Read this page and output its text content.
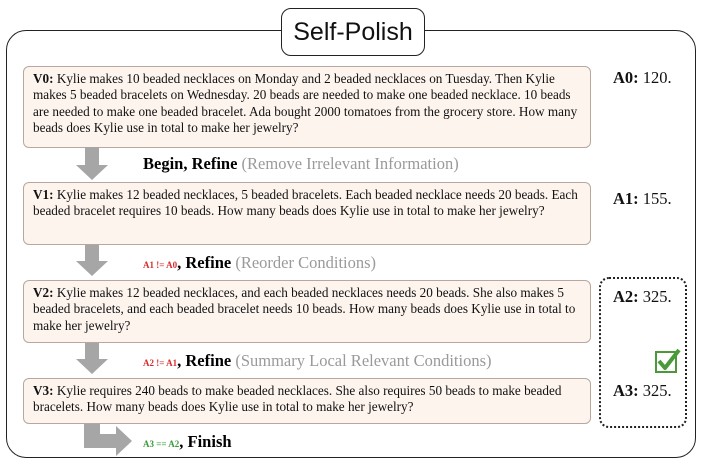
Self-Polish
V0: Kylie makes 10 beaded necklaces on Monday and 2 beaded necklaces on Tuesday. Then Kylie makes 5 beaded bracelets on Wednesday. 20 beads are needed to make one beaded necklace. 10 beads are needed to make one beaded bracelet. Ada bought 2000 tomatoes from the grocery store. How many beads does Kylie use in total to make her jewelry?
A0: 120.
Begin, Refine (Remove Irrelevant Information)
V1: Kylie makes 12 beaded necklaces, 5 beaded bracelets. Each beaded necklace needs 20 beads. Each beaded bracelet requires 10 beads. How many beads does Kylie use in total to make her jewelry?
A1: 155.
A1 != A0, Refine (Reorder Conditions)
V2: Kylie makes 12 beaded necklaces, and each beaded necklaces needs 20 beads. She also makes 5 beaded bracelets, and each beaded bracelet needs 10 beads. How many beads does Kylie use in total to make her jewelry?
A2 != A1, Refine (Summary Local Relevant Conditions)
V3: Kylie requires 240 beads to make beaded necklaces. She also requires 50 beads to make beaded bracelets. How many beads does Kylie use in total to make her jewelry?
A2: 325.
A3: 325.
A3 == A2, Finish
